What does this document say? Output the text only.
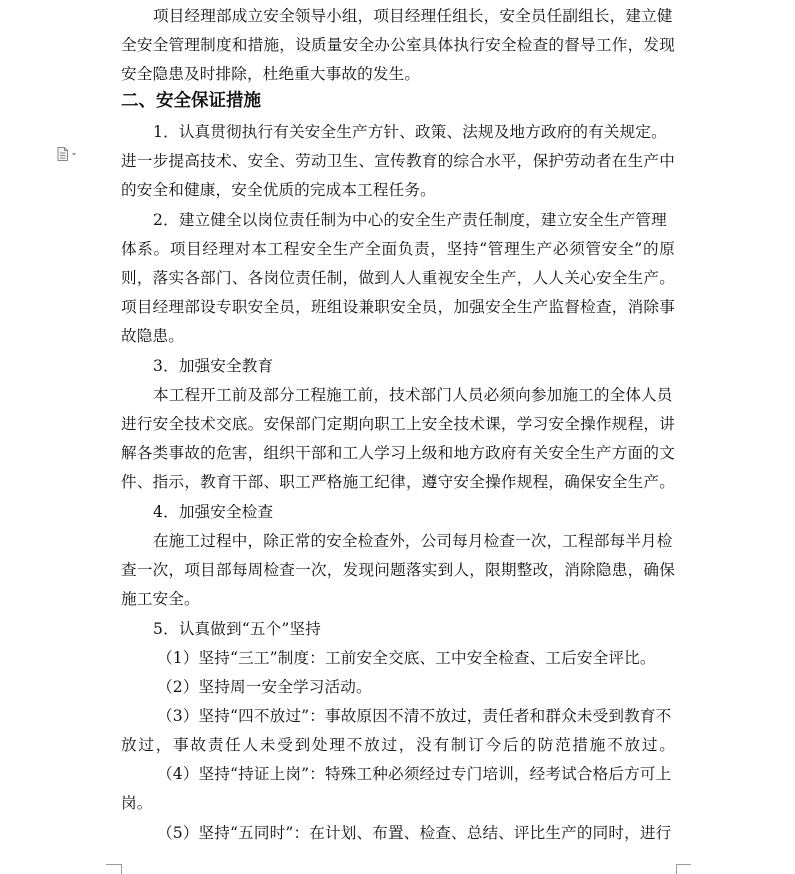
项目经理部成立安全领导小组，项目经理任组长，安全员任副组长，建立健
全安全管理制度和措施，设质量安全办公室具体执行安全检查的督导工作，发现
安全隐患及时排除，杜绝重大事故的发生。
二、安全保证措施
1．认真贯彻执行有关安全生产方针、政策、法规及地方政府的有关规定。
进一步提高技术、安全、劳动卫生、宣传教育的综合水平，保护劳动者在生产中
的安全和健康，安全优质的完成本工程任务。
2．建立健全以岗位责任制为中心的安全生产责任制度，建立安全生产管理
体系。项目经理对本工程安全生产全面负责，坚持“管理生产必须管安全”的原
则，落实各部门、各岗位责任制，做到人人重视安全生产，人人关心安全生产。
项目经理部设专职安全员，班组设兼职安全员，加强安全生产监督检查，消除事
故隐患。
3．加强安全教育
本工程开工前及部分工程施工前，技术部门人员必须向参加施工的全体人员
进行安全技术交底。安保部门定期向职工上安全技术课，学习安全操作规程，讲
解各类事故的危害，组织干部和工人学习上级和地方政府有关安全生产方面的文
件、指示，教育干部、职工严格施工纪律，遵守安全操作规程，确保安全生产。
4．加强安全检查
在施工过程中，除正常的安全检查外，公司每月检查一次，工程部每半月检
查一次，项目部每周检查一次，发现问题落实到人，限期整改，消除隐患，确保
施工安全。
5．认真做到“五个”坚持
（1）坚持“三工”制度：工前安全交底、工中安全检查、工后安全评比。
（2）坚持周一安全学习活动。
（3）坚持“四不放过”：事故原因不清不放过，责任者和群众未受到教育不
放过，事故责任人未受到处理不放过，没有制订今后的防范措施不放过。
（4）坚持“持证上岗”：特殊工种必须经过专门培训，经考试合格后方可上
岗。
（5）坚持“五同时”：在计划、布置、检查、总结、评比生产的同时，进行
